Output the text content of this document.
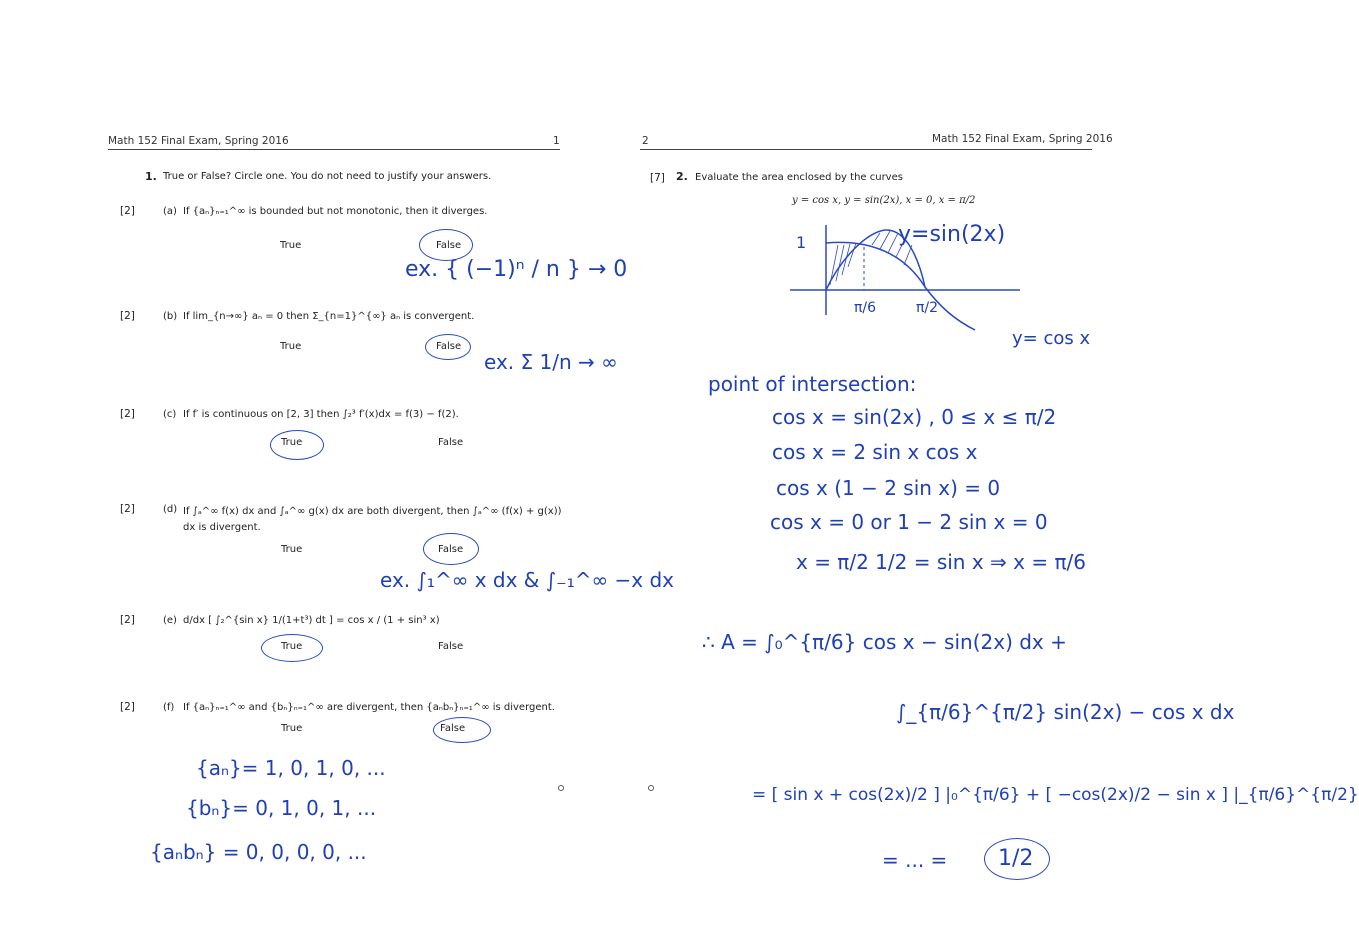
Math 152 Final Exam, Spring 2016	1
1. True or False? Circle one. You do not need to justify your answers.
[2]	(a) If {aₙ}ₙ₌₁^∞ is bounded but not monotonic, then it diverges.
True	False
ex. { (−1)ⁿ / n } → 0
[2]	(b) If lim_{n→∞} aₙ = 0 then Σ_{n=1}^{∞} aₙ is convergent.
True	False
ex. Σ 1/n → ∞
[2]	(c) If f′ is continuous on [2, 3] then ∫₂³ f′(x)dx = f(3) − f(2).
True	False
[2]	(d) If ∫ₐ^∞ f(x) dx and ∫ₐ^∞ g(x) dx are both divergent, then ∫ₐ^∞ (f(x) + g(x)) dx is divergent.
True	False
ex. ∫₁^∞ x dx & ∫₋₁^∞ −x dx
[2]	(e) d/dx [ ∫₂^{sin x} 1/(1+t³) dt ] = cos x / (1 + sin³ x)
True	False
[2]	(f) If {aₙ}ₙ₌₁^∞ and {bₙ}ₙ₌₁^∞ are divergent, then {aₙbₙ}ₙ₌₁^∞ is divergent.
True	False
{aₙ}= 1, 0, 1, 0, ...
{bₙ}= 0, 1, 0, 1, ...
{aₙbₙ} = 0, 0, 0, 0, ...
2	Math 152 Final Exam, Spring 2016
[7] 2. Evaluate the area enclosed by the curves
y = cos x, y = sin(2x), x = 0, x = π/2
1	y=sin(2x)
π/6	π/2
y= cos x
point of intersection:
cos x = sin(2x) , 0 ≤ x ≤ π/2
cos x = 2 sin x cos x
cos x (1 − 2 sin x) = 0
cos x = 0 or 1 − 2 sin x = 0
x = π/2 1/2 = sin x ⇒ x = π/6
∴ A = ∫₀^{π/6} cos x − sin(2x) dx +
∫_{π/6}^{π/2} sin(2x) − cos x dx
= [ sin x + cos(2x)/2 ] |₀^{π/6} + [ −cos(2x)/2 − sin x ] |_{π/6}^{π/2}
= ... = 1/2
